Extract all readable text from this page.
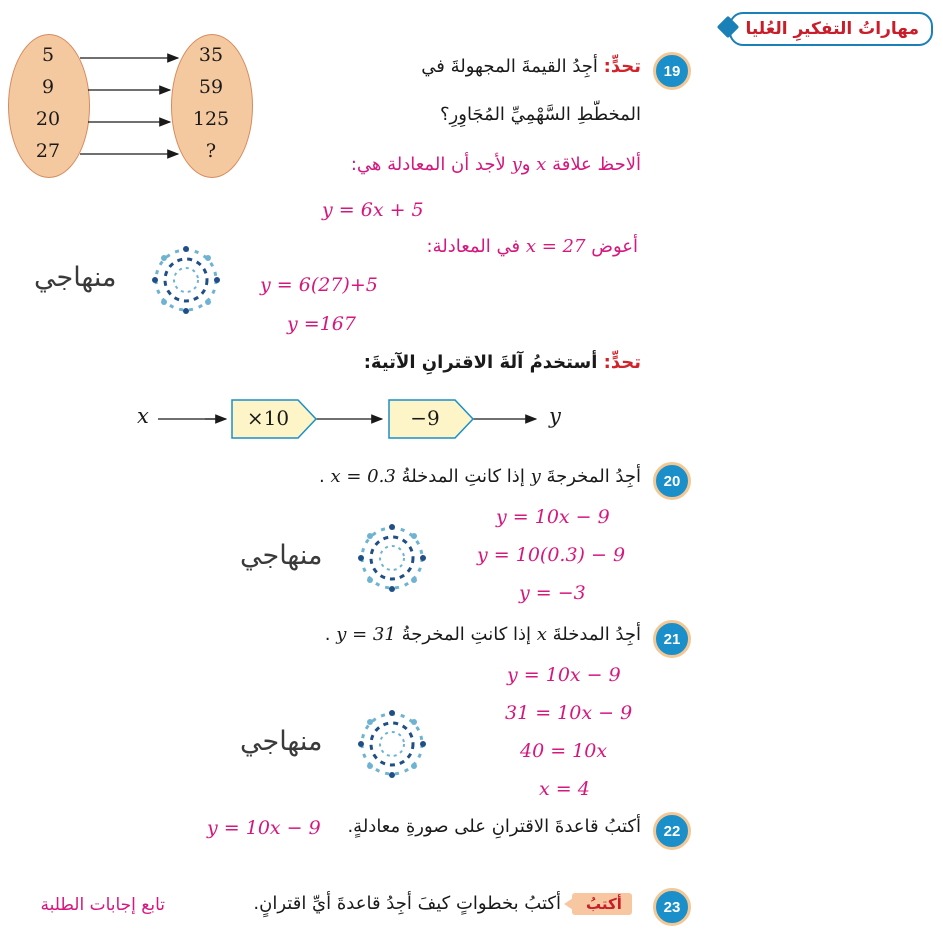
مهاراتُ التفكيرِ العُليا
5
9
20
27
35
59
125
?
19
تحدٍّ: أجِدُ القيمةَ المجهولةَ في
المخطّطِ السَّهْمِيِّ المُجَاوِرِ؟
ألاحظ علاقة x وy لأجد أن المعادلة هي:
y = 6x + 5
أعوض x = 27 في المعادلة:
y = 6(27)+5
y =167
منهاجي
تحدٍّ: أستخدمُ آلةَ الاقترانِ الآتيةَ:
x	y
×10	−9
20
أجِدُ المخرجةَ y إذا كانتِ المدخلةُ x = 0.3 .
y = 10x − 9
y = 10(0.3) − 9
y = −3
منهاجي
21
أجِدُ المدخلةَ x إذا كانتِ المخرجةُ y = 31 .
y = 10x − 9
31 = 10x − 9
40 = 10x
x = 4
منهاجي
22
أكتبُ قاعدةَ الاقترانِ على صورةِ معادلةٍ.
y = 10x − 9
23
أكتبُ
أكتبُ بخطواتٍ كيفَ أجِدُ قاعدةَ أيِّ اقترانٍ.
تابع إجابات الطلبة
